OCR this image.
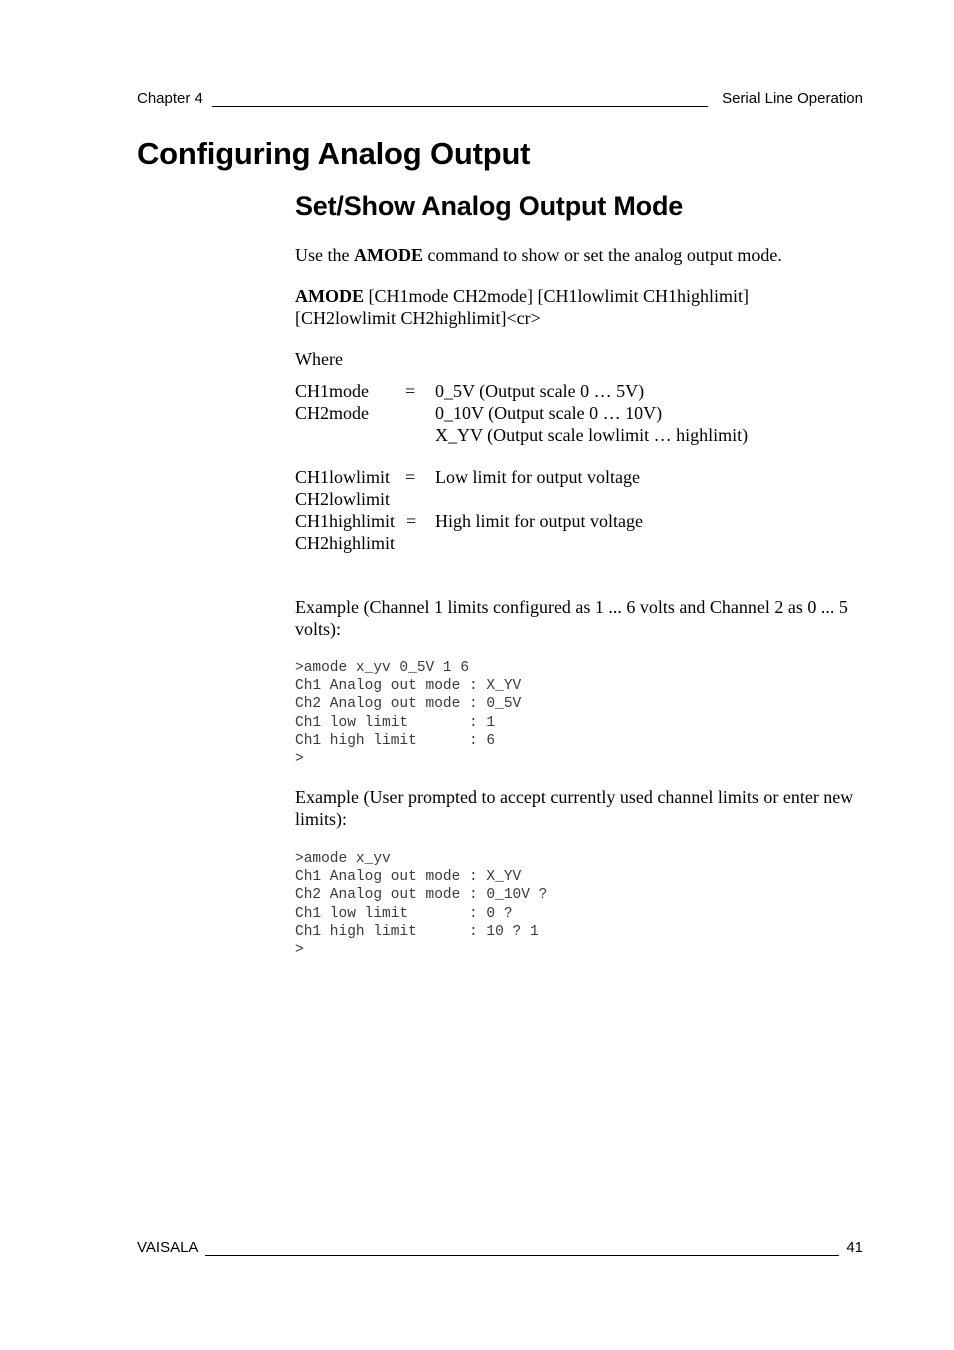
Chapter 4	Serial Line Operation
Configuring Analog Output
Set/Show Analog Output Mode
Use the AMODE command to show or set the analog output mode.
AMODE [CH1mode CH2mode] [CH1lowlimit CH1highlimit]
[CH2lowlimit CH2highlimit]<cr>
Where
CH1mode
CH2mode
= 0_5V (Output scale 0 … 5V)
0_10V (Output scale 0 … 10V)
X_YV (Output scale lowlimit … highlimit)
CH1lowlimit
CH2lowlimit
= Low limit for output voltage
CH1highlimit
CH2highlimit
= High limit for output voltage
Example (Channel 1 limits configured as 1 ... 6 volts and Channel 2 as 0 ... 5 volts):
>amode x_yv 0_5V 1 6
Ch1 Analog out mode : X_YV
Ch2 Analog out mode : 0_5V
Ch1 low limit       : 1
Ch1 high limit      : 6
>
Example (User prompted to accept currently used channel limits or enter new limits):
>amode x_yv
Ch1 Analog out mode : X_YV
Ch2 Analog out mode : 0_10V ?
Ch1 low limit       : 0 ?
Ch1 high limit      : 10 ? 1
>
VAISALA	41
